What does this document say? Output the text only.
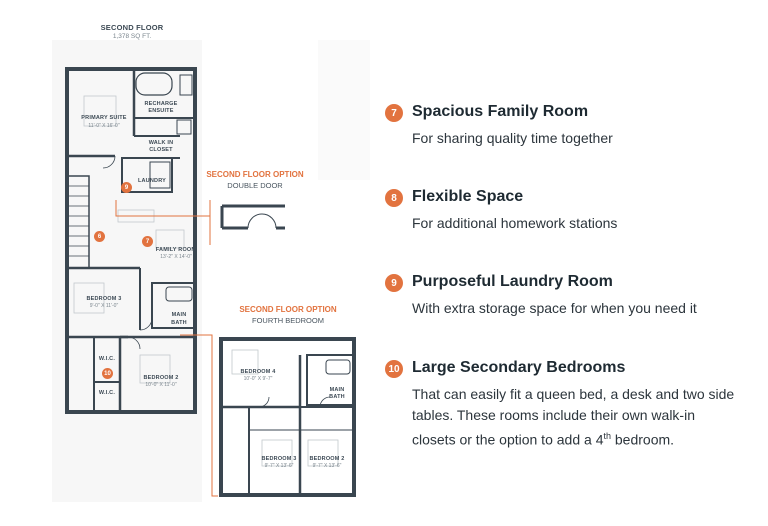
SECOND FLOOR
1,378 SQ FT.
PRIMARY SUITE
11'-0" X 16'-0"
RECHARGE
ENSUITE
WALK IN
CLOSET
LAUNDRY
FAMILY ROOM
13'-2" X 14'-0"
BEDROOM 3
9'-0" X 11'-0"
MAIN
BATH
W.I.C.
W.I.C.
BEDROOM 2
10'-0" X 11'-0"
9
6
7
10
SECOND FLOOR OPTION
DOUBLE DOOR
SECOND FLOOR OPTION
FOURTH BEDROOM
BEDROOM 4
10'-0" X 9'-7"
MAIN
BATH
BEDROOM 3
9'-7" X 13'-6"
BEDROOM 2
9'-7" X 13'-6"
7 Spacious Family Room
For sharing quality time together
8 Flexible Space
For additional homework stations
9 Purposeful Laundry Room
With extra storage space for when you need it
10 Large Secondary Bedrooms
That can easily fit a queen bed, a desk and two side tables. These rooms include their own walk-in closets or the option to add a 4th bedroom.
